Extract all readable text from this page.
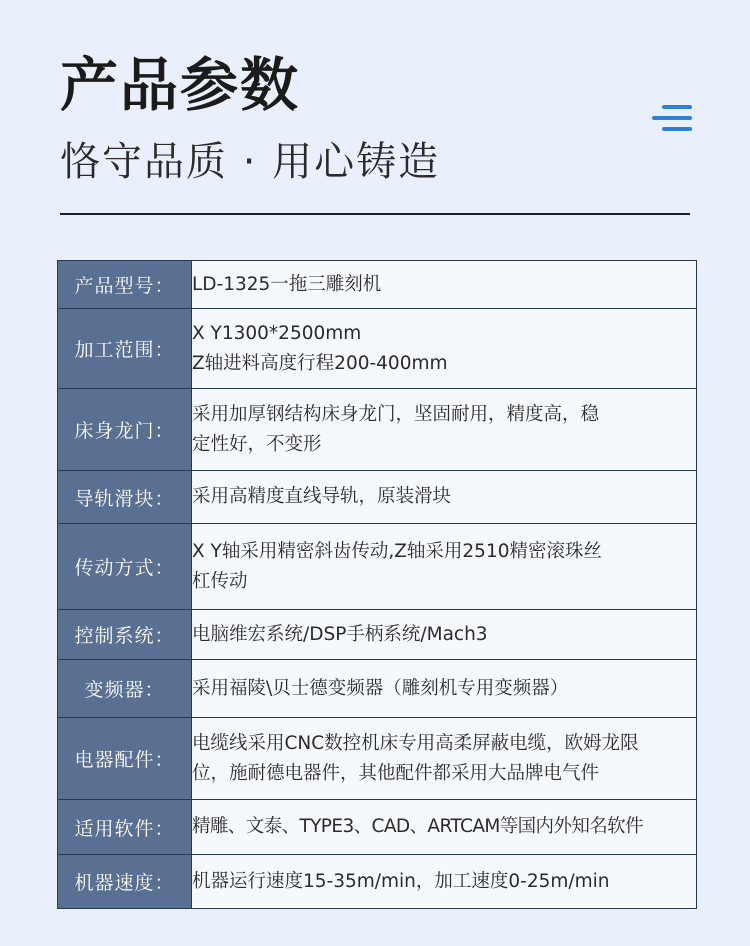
产品参数
恪守品质 · 用心铸造
产品型号：	LD-1325一拖三雕刻机
加工范围：	X Y1300*2500mm
Z轴进料高度行程200-400mm

床身龙门：	采用加厚钢结构床身龙门，坚固耐用，精度高，稳
定性好，不变形

导轨滑块：	采用高精度直线导轨，原装滑块
传动方式：	X Y轴采用精密斜齿传动,Z轴采用2510精密滚珠丝
杠传动

控制系统：	电脑维宏系统/DSP手柄系统/Mach3
变频器：	采用福陵\贝士德变频器（雕刻机专用变频器）
电器配件：	电缆线采用CNC数控机床专用高柔屏蔽电缆，欧姆龙限
位，施耐德电器件，其他配件都采用大品牌电气件

适用软件：	精雕、文泰、TYPE3、CAD、ARTCAM等国内外知名软件
机器速度：	机器运行速度15-35m/min，加工速度0-25m/min
